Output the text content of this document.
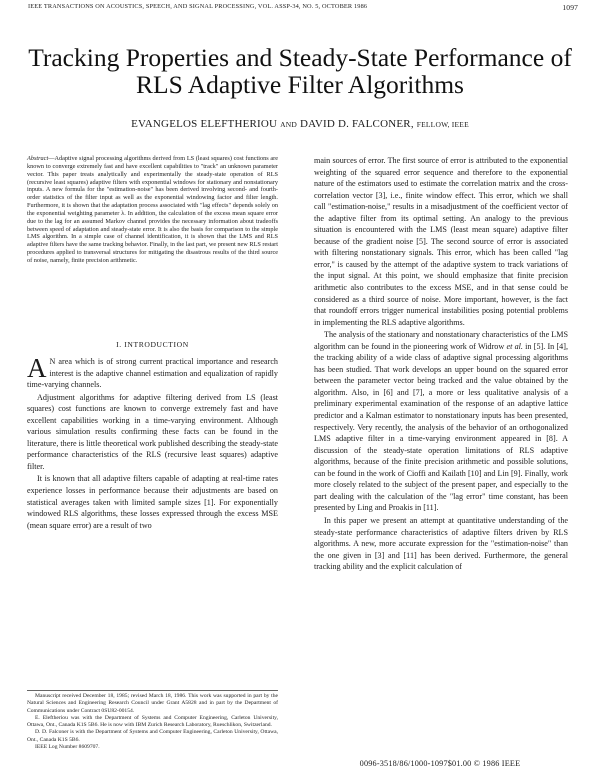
IEEE TRANSACTIONS ON ACOUSTICS, SPEECH, AND SIGNAL PROCESSING, VOL. ASSP-34, NO. 5, OCTOBER 1986	1097
Tracking Properties and Steady-State Performance of
RLS Adaptive Filter Algorithms
EVANGELOS ELEFTHERIOU AND DAVID D. FALCONER, FELLOW, IEEE
Abstract—Adaptive signal processing algorithms derived from LS (least squares) cost functions are known to converge extremely fast and have excellent capabilities to "track" an unknown parameter vector. This paper treats analytically and experimentally the steady-state operation of RLS (recursive least squares) adaptive filters with exponential windows for stationary and nonstationary inputs. A new formula for the "estimation-noise" has been derived involving second- and fourth-order statistics of the filter input as well as the exponential windowing factor and filter length. Furthermore, it is shown that the adaptation process associated with "lag effects" depends solely on the exponential weighting parameter λ. In addition, the calculation of the excess mean square error due to the lag for an assumed Markov channel provides the necessary information about tradeoffs between speed of adaptation and steady-state error. It is also the basis for comparison to the simple LMS algorithm. In a simple case of channel identification, it is shown that the LMS and RLS adaptive filters have the same tracking behavior. Finally, in the last part, we present new RLS restart procedures applied to transversal structures for mitigating the disastrous results of the third source of noise, namely, finite precision arithmetic.
I. INTRODUCTION

A N area which is of strong current practical importance and research interest is the adaptive channel estimation and equalization of rapidly time-varying channels.

Adjustment algorithms for adaptive filtering derived from LS (least squares) cost functions are known to converge extremely fast and have excellent capabilities working in a time-varying environment. Although various simulation results confirming these facts can be found in the literature, there is little theoretical work published describing the steady-state performance characteristics of the RLS (recursive least squares) adaptive filter.

It is known that all adaptive filters capable of adapting at real-time rates experience losses in performance because their adjustments are based on statistical averages taken with limited sample sizes [1]. For exponentially windowed RLS algorithms, these losses expressed through the excess MSE (mean square error) are a result of two

Manuscript received December 18, 1985; revised March 18, 1986. This work was supported in part by the Natural Sciences and Engineering Research Council under Grant A5828 and in part by the Department of Communications under Contract 0SU82-00154.

E. Eleftheriou was with the Department of Systems and Computer Engineering, Carleton University, Ottawa, Ont., Canada K1S 5B6. He is now with IBM Zurich Research Laboratory, Rueschlikon, Switzerland.

D. D. Falconer is with the Department of Systems and Computer Engineering, Carleton University, Ottawa, Ont., Canada K1S 5B6.

IEEE Log Number 8609707.

main sources of error. The first source of error is attributed to the exponential weighting of the squared error sequence and therefore to the exponential nature of the estimators used to estimate the correlation matrix and the cross-correlation vector [3], i.e., finite window effect. This error, which we shall call "estimation-noise," results in a misadjustment of the coefficient vector of the adaptive filter from its optimal setting. An analogy to the previous situation is encountered with the LMS (least mean square) adaptive filter because of the gradient noise [5]. The second source of error is associated with filtering nonstationary signals. This error, which has been called "lag error," is caused by the attempt of the adaptive system to track variations of the input signal. At this point, we should emphasize that finite precision arithmetic also contributes to the excess MSE, and in that sense could be considered as a third source of noise. More important, however, is the fact that roundoff errors trigger numerical instabilities posing potential problems in implementing the RLS adaptive algorithms.

The analysis of the stationary and nonstationary characteristics of the LMS algorithm can be found in the pioneering work of Widrow et al. in [5]. In [4], the tracking ability of a wide class of adaptive signal processing algorithms has been studied. That work develops an upper bound on the squared error between the parameter vector being tracked and the value obtained by the algorithm. Also, in [6] and [7], a more or less qualitative analysis of a preliminary experimental examination of the response of an adaptive lattice predictor and a Kalman estimator to nonstationary inputs has been presented, respectively. Very recently, the analysis of the behavior of an orthogonalized LMS adaptive filter in a time-varying environment appeared in [8]. A discussion of the steady-state operation limitations of RLS adaptive algorithms, because of the finite precision arithmetic and possible solutions, can be found in the work of Cioffi and Kailath [10] and Lin [9]. Finally, work more closely related to the subject of the present paper, and especially to the part dealing with the calculation of the "lag error" time constant, has been presented by Ling and Proakis in [11].

In this paper we present an attempt at quantitative understanding of the steady-state performance characteristics of adaptive filters driven by RLS algorithms. A new, more accurate expression for the "estimation-noise" than the one given in [3] and [11] has been derived. Furthermore, the general tracking ability and the explicit calculation of

0096-3518/86/1000-1097$01.00 © 1986 IEEE
